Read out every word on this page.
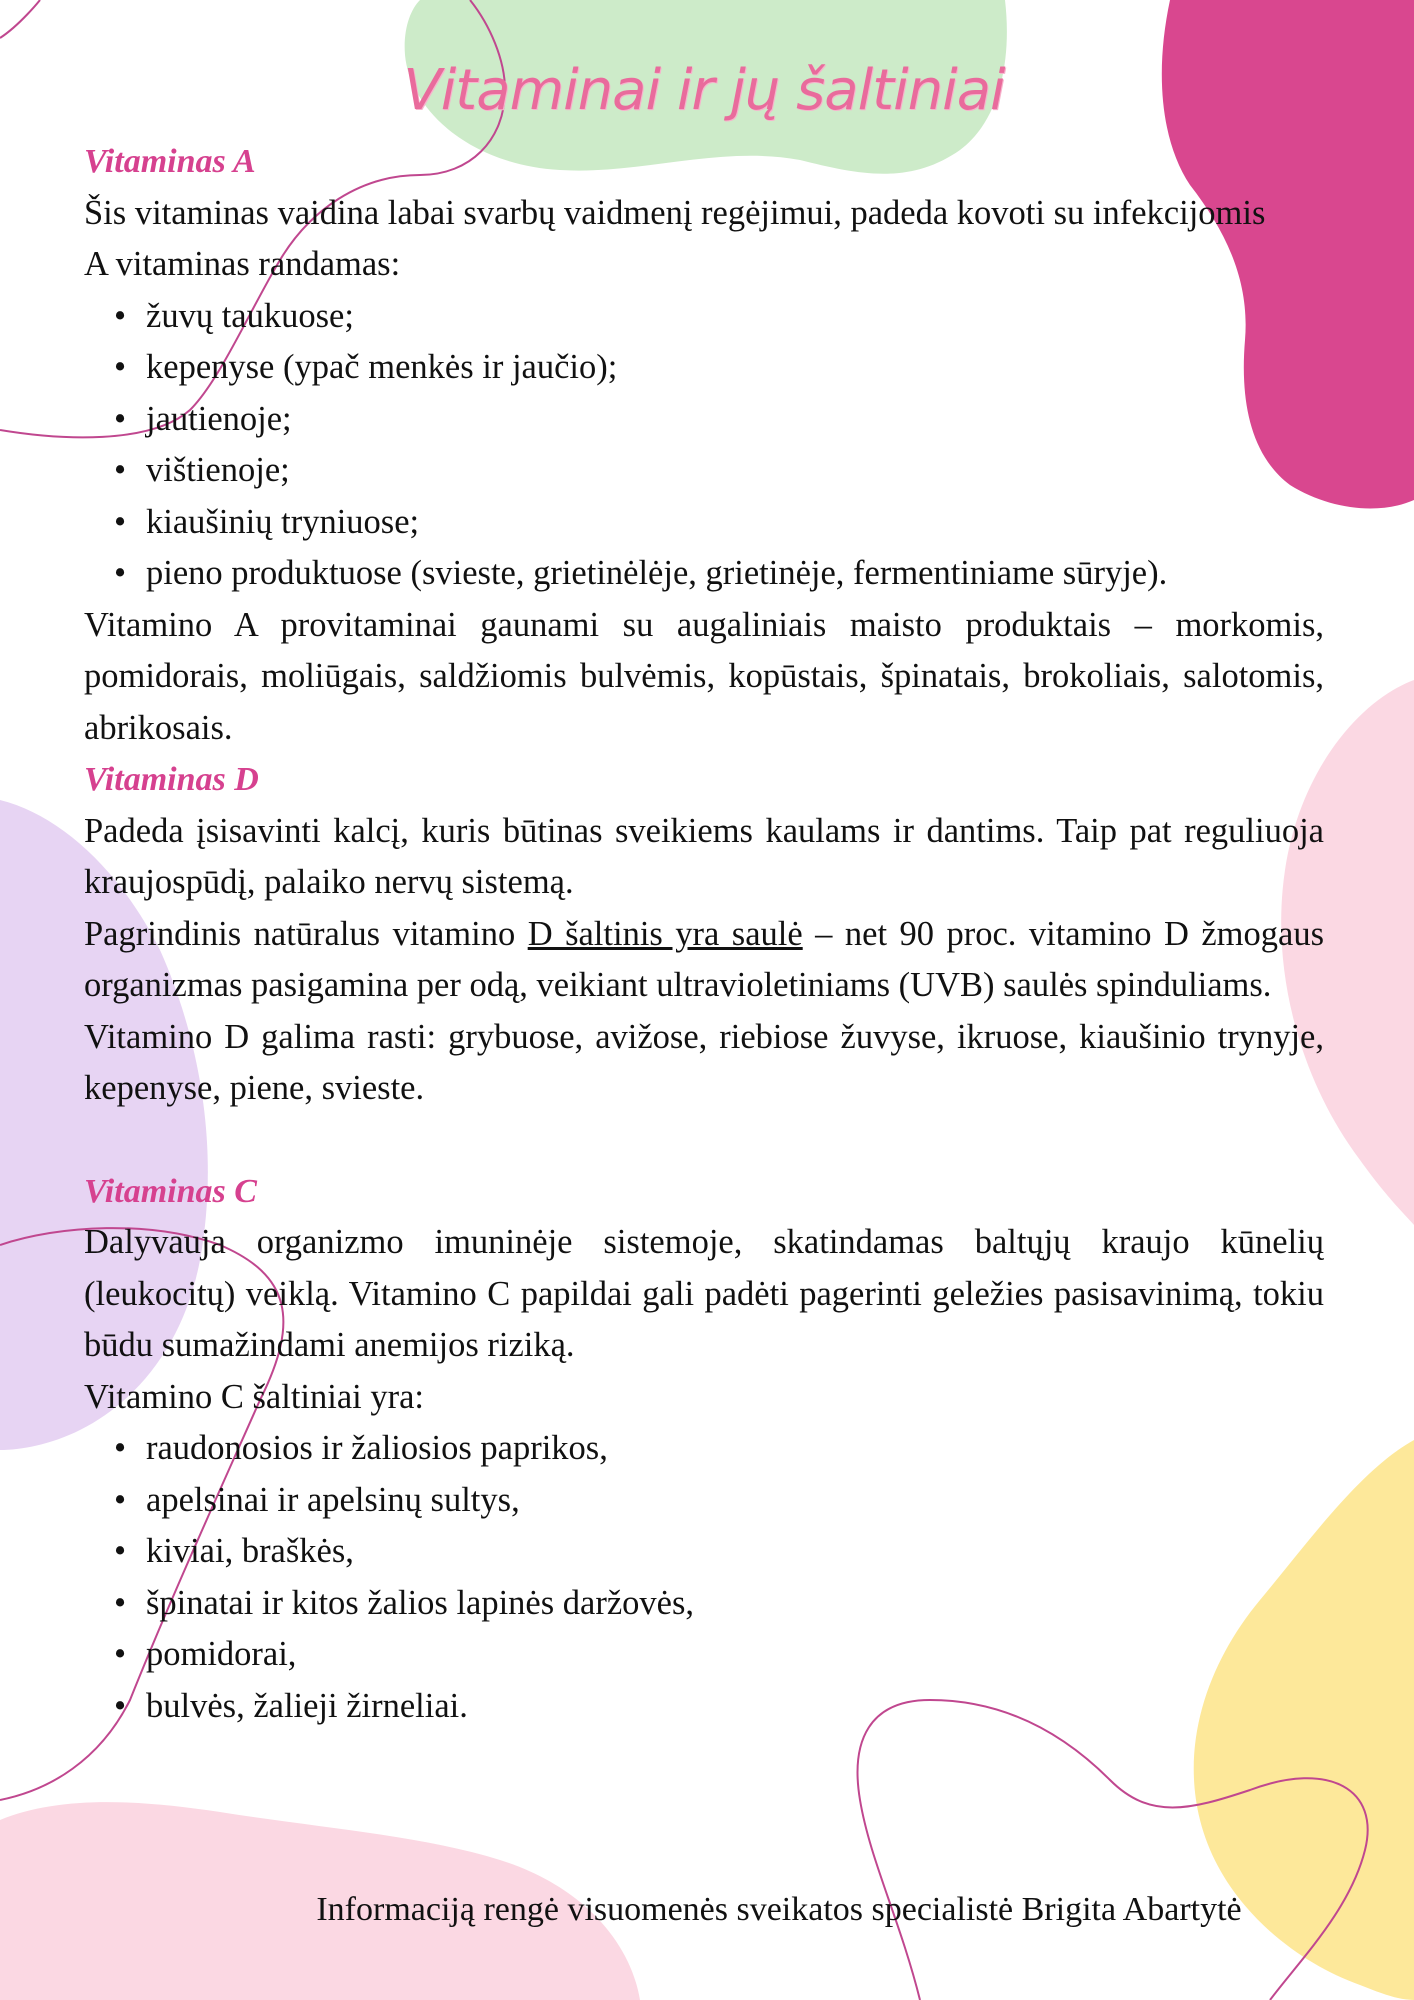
Vitaminai ir jų šaltiniai

Vitaminas A

Šis vitaminas vaidina labai svarbų vaidmenį regėjimui, padeda kovoti su infekcijomis

A vitaminas randamas:

• žuvų taukuose;
• kepenyse (ypač menkės ir jaučio);
• jautienoje;
• vištienoje;
• kiaušinių tryniuose;
• pieno produktuose (svieste, grietinėlėje, grietinėje, fermentiniame sūryje).

Vitamino A provitaminai gaunami su augaliniais maisto produktais – morkomis, pomidorais, moliūgais, saldžiomis bulvėmis, kopūstais, špinatais, brokoliais, salotomis, abrikosais.

Vitaminas D

Padeda įsisavinti kalcį, kuris būtinas sveikiems kaulams ir dantims. Taip pat reguliuoja kraujospūdį, palaiko nervų sistemą.

Pagrindinis natūralus vitamino D šaltinis yra saulė – net 90 proc. vitamino D žmogaus organizmas pasigamina per odą, veikiant ultravioletiniams (UVB) saulės spinduliams.

Vitamino D galima rasti: grybuose, avižose, riebiose žuvyse, ikruose, kiaušinio trynyje, kepenyse, piene, svieste.

Vitaminas C

Dalyvauja organizmo imuninėje sistemoje, skatindamas baltųjų kraujo kūnelių (leukocitų) veiklą. Vitamino C papildai gali padėti pagerinti geležies pasisavinimą, tokiu būdu sumažindami anemijos riziką.

Vitamino C šaltiniai yra:

• raudonosios ir žaliosios paprikos,
• apelsinai ir apelsinų sultys,
• kiviai, braškės,
• špinatai ir kitos žalios lapinės daržovės,
• pomidorai,
• bulvės, žalieji žirneliai.

Informaciją rengė visuomenės sveikatos specialistė Brigita Abartytė
